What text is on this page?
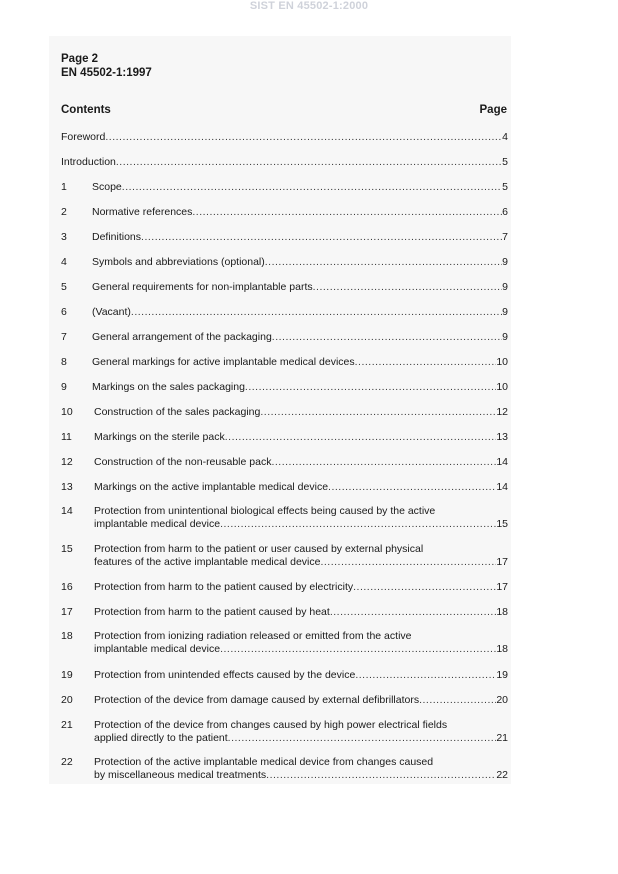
SIST EN 45502-1:2000
Page 2
EN 45502-1:1997
Contents	Page
Foreword .....	4
Introduction .....	5
1 Scope .....	5
2 Normative references .....	6
3 Definitions .....	7
4 Symbols and abbreviations (optional) .....	9
5 General requirements for non-implantable parts .....	9
6 (Vacant) .....	9
7 General arrangement of the packaging .....	9
8 General markings for active implantable medical devices .....	10
9 Markings on the sales packaging .....	10
10 Construction of the sales packaging .....	12
11 Markings on the sterile pack .....	13
12 Construction of the non-reusable pack .....	14
13 Markings on the active implantable medical device .....	14
14 Protection from unintentional biological effects being caused by the active
implantable medical device .....	15
15 Protection from harm to the patient or user caused by external physical
features of the active implantable medical device .....	17
16 Protection from harm to the patient caused by electricity .....	17
17 Protection from harm to the patient caused by heat .....	18
18 Protection from ionizing radiation released or emitted from the active
implantable medical device .....	18
19 Protection from unintended effects caused by the device .....	19
20 Protection of the device from damage caused by external defibrillators .....	20
21 Protection of the device from changes caused by high power electrical fields
applied directly to the patient .....	21
22 Protection of the active implantable medical device from changes caused
by miscellaneous medical treatments .....	22
